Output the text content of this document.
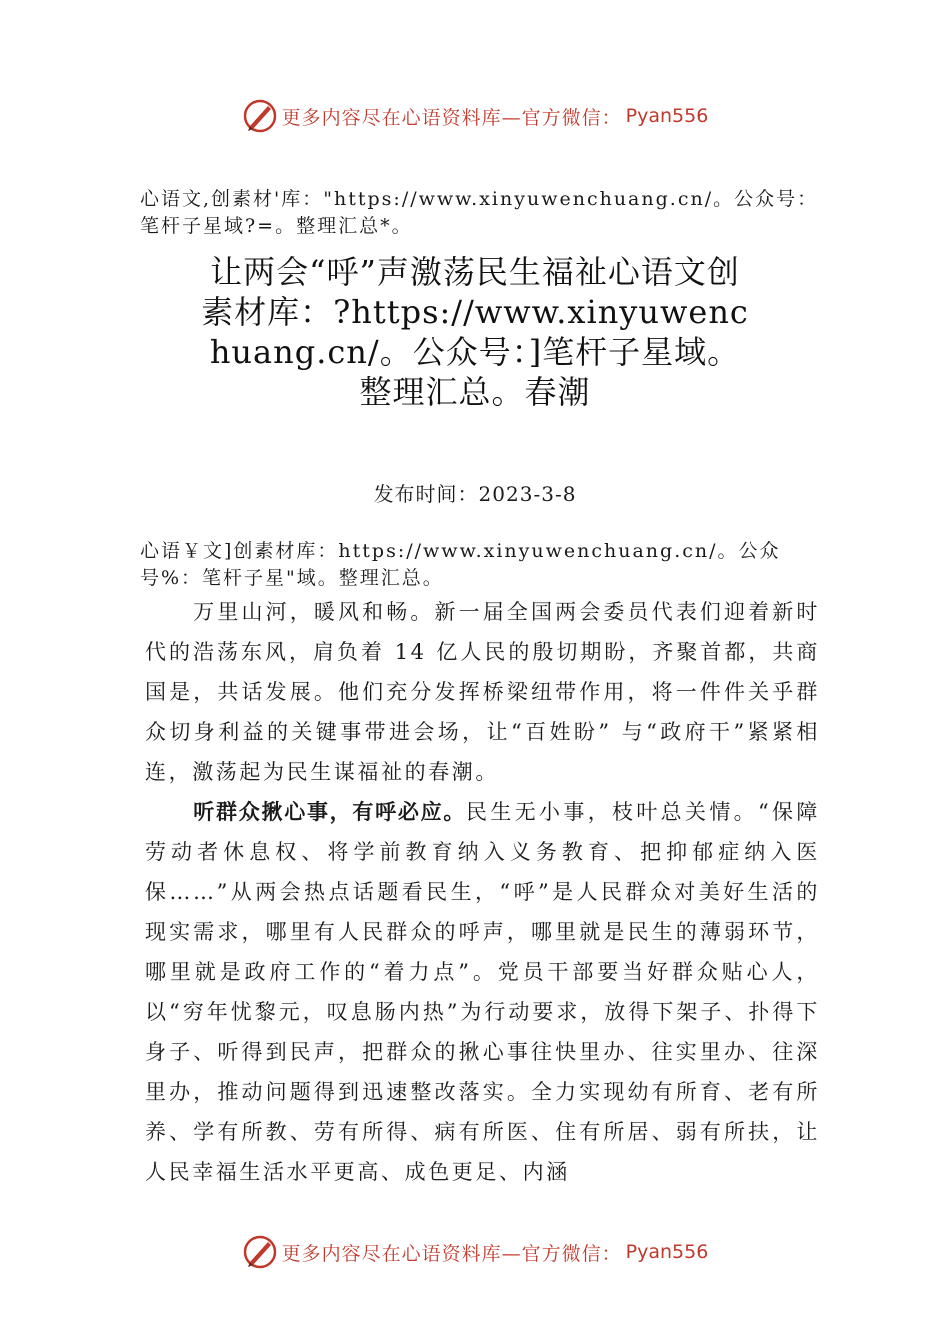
更多内容尽在心语资料库—官方微信： Pyan556
心语文,创素材'库："https://www.xinyuwenchuang.cn/。公众号：笔杆子星域?=。整理汇总*。
让两会“呼”声激荡民生福祉心语文创素材库：?https://www.xinyuwenchuang.cn/。公众号：]笔杆子星域。整理汇总。春潮
发布时间：2023-3-8
心语￥文]创素材库：https://www.xinyuwenchuang.cn/。公众号%：笔杆子星"域。整理汇总。

万里山河，暖风和畅。新一届全国两会委员代表们迎着新时代的浩荡东风，肩负着 14 亿人民的殷切期盼，齐聚首都，共商国是，共话发展。他们充分发挥桥梁纽带作用，将一件件关乎群众切身利益的关键事带进会场，让“百姓盼” 与“政府干”紧紧相连，激荡起为民生谋福祉的春潮。

听群众揪心事，有呼必应。民生无小事，枝叶总关情。“保障劳动者休息权、将学前教育纳入义务教育、把抑郁症纳入医保……”从两会热点话题看民生，“呼”是人民群众对美好生活的现实需求，哪里有人民群众的呼声，哪里就是民生的薄弱环节，哪里就是政府工作的“着力点”。党员干部要当好群众贴心人，以“穷年忧黎元，叹息肠内热”为行动要求，放得下架子、扑得下身子、听得到民声，把群众的揪心事往快里办、往实里办、往深里办，推动问题得到迅速整改落实。全力实现幼有所育、老有所养、学有所教、劳有所得、病有所医、住有所居、弱有所扶，让人民幸福生活水平更高、成色更足、内涵

更多内容尽在心语资料库—官方微信： Pyan556
